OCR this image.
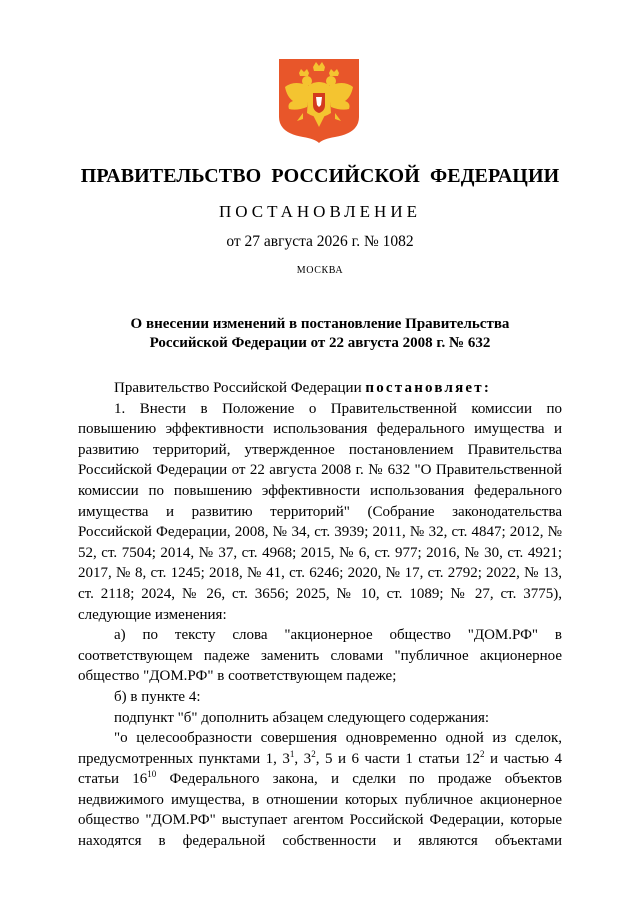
ПРАВИТЕЛЬСТВО РОССИЙСКОЙ ФЕДЕРАЦИИ
ПОСТАНОВЛЕНИЕ
от 27 августа 2026 г. № 1082
МОСКВА
О внесении изменений в постановление Правительства
Российской Федерации от 22 августа 2008 г. № 632

Правительство Российской Федерации постановляет:

1. Внести в Положение о Правительственной комиссии по повышению эффективности использования федерального имущества и развитию территорий, утвержденное постановлением Правительства Российской Федерации от 22 августа 2008 г. № 632 "О Правительственной комиссии по повышению эффективности использования федерального имущества и развитию территорий" (Собрание законодательства Российской Федерации, 2008, № 34, ст. 3939; 2011, № 32, ст. 4847; 2012, № 52, ст. 7504; 2014, № 37, ст. 4968; 2015, № 6, ст. 977; 2016, № 30, ст. 4921; 2017, № 8, ст. 1245; 2018, № 41, ст. 6246; 2020, № 17, ст. 2792; 2022, № 13, ст. 2118; 2024, № 26, ст. 3656; 2025, № 10, ст. 1089; № 27, ст. 3775), следующие изменения:

а) по тексту слова "акционерное общество "ДОМ.РФ" в соответствующем падеже заменить словами "публичное акционерное общество "ДОМ.РФ" в соответствующем падеже;

б) в пункте 4:

подпункт "б" дополнить абзацем следующего содержания:

"о целесообразности совершения одновременно одной из сделок, предусмотренных пунктами 1, $3^1$, $3^2$, 5 и 6 части 1 статьи $12^2$ и частью 4 статьи $16^{10}$ Федерального закона, и сделки по продаже объектов недвижимого имущества, в отношении которых публичное акционерное общество "ДОМ.РФ" выступает агентом Российской Федерации, которые находятся в федеральной собственности и являются объектами
